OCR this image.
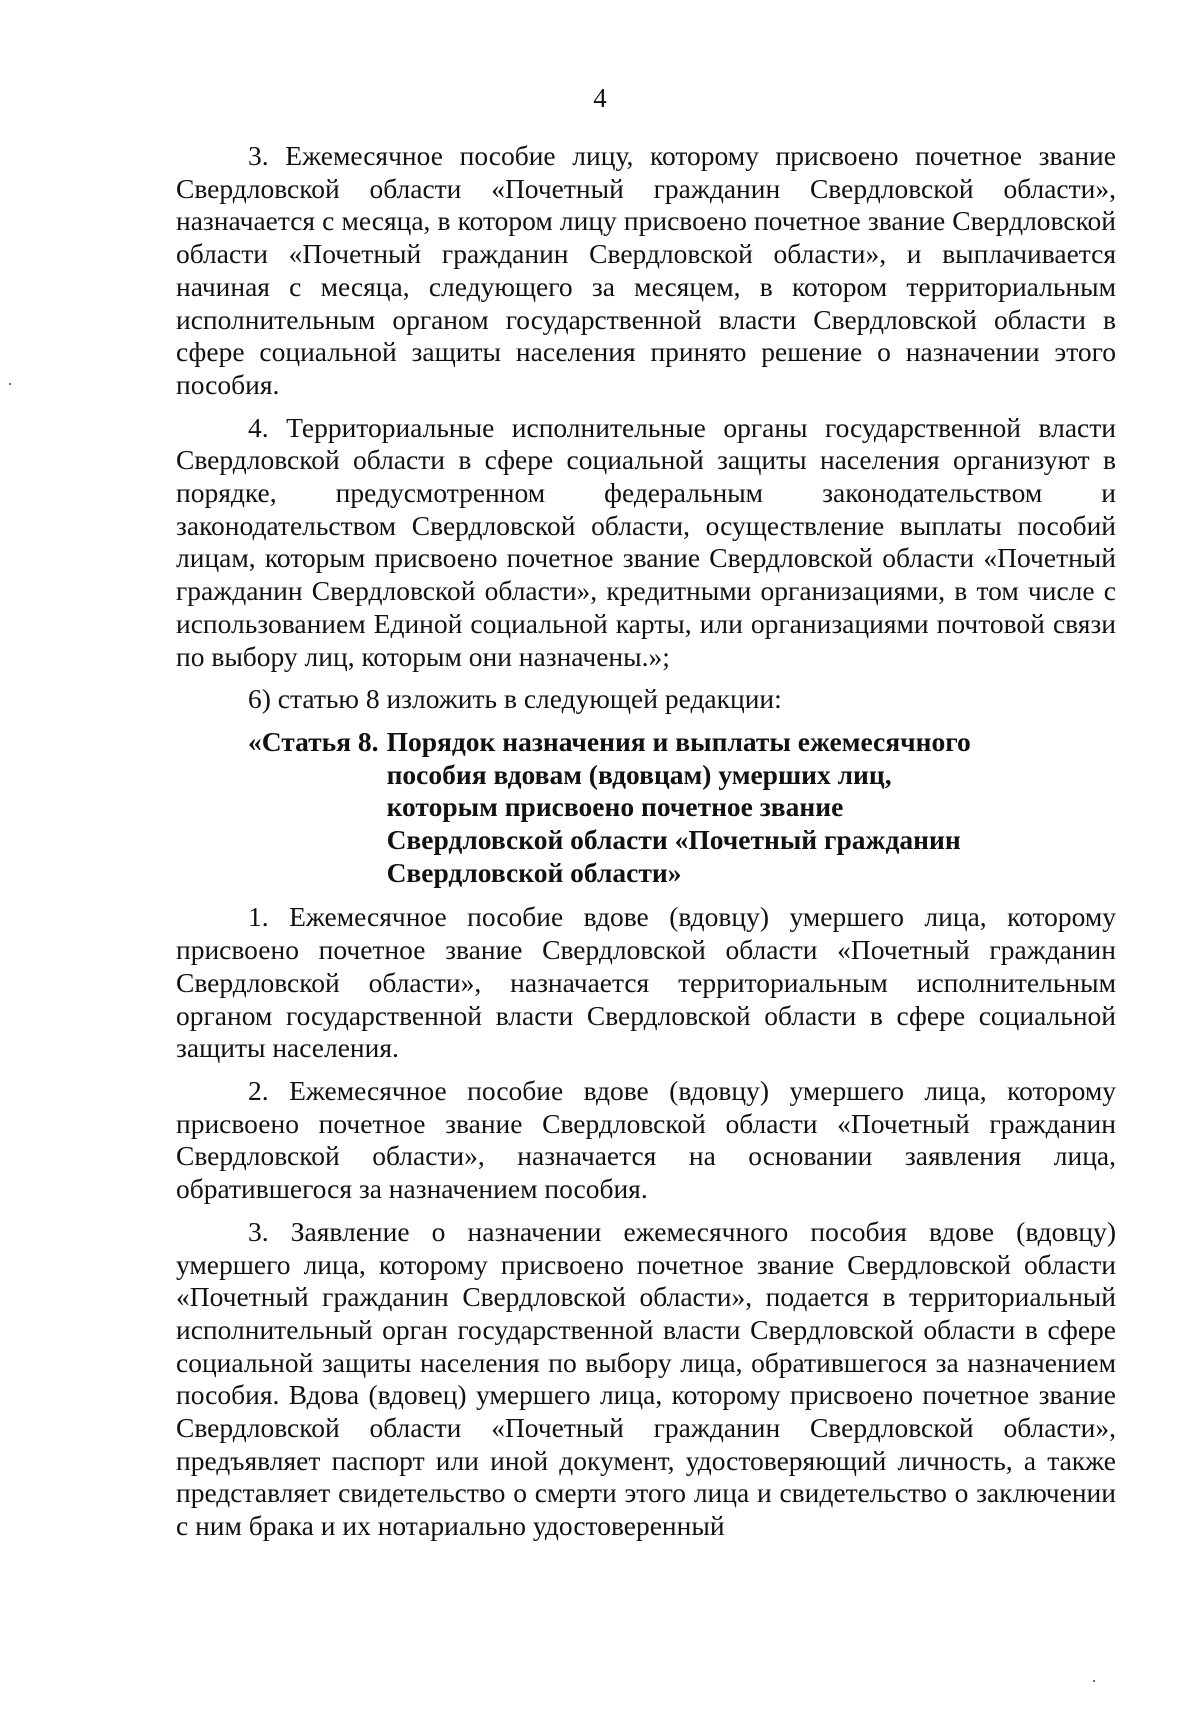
4

3. Ежемесячное пособие лицу, которому присвоено почетное звание Свердловской области «Почетный гражданин Свердловской области», назначается с месяца, в котором лицу присвоено почетное звание Свердловской области «Почетный гражданин Свердловской области», и выплачивается начиная с месяца, следующего за месяцем, в котором территориальным исполнительным органом государственной власти Свердловской области в сфере социальной защиты населения принято решение о назначении этого пособия.

4. Территориальные исполнительные органы государственной власти Свердловской области в сфере социальной защиты населения организуют в порядке, предусмотренном федеральным законодательством и законодательством Свердловской области, осуществление выплаты пособий лицам, которым присвоено почетное звание Свердловской области «Почетный гражданин Свердловской области», кредитными организациями, в том числе с использованием Единой социальной карты, или организациями почтовой связи по выбору лиц, которым они назначены.»;

6) статью 8 изложить в следующей редакции:

«Статья 8. Порядок назначения и выплаты ежемесячного пособия вдовам (вдовцам) умерших лиц, которым присвоено почетное звание Свердловской области «Почетный гражданин Свердловской области»

1. Ежемесячное пособие вдове (вдовцу) умершего лица, которому присвоено почетное звание Свердловской области «Почетный гражданин Свердловской области», назначается территориальным исполнительным органом государственной власти Свердловской области в сфере социальной защиты населения.

2. Ежемесячное пособие вдове (вдовцу) умершего лица, которому присвоено почетное звание Свердловской области «Почетный гражданин Свердловской области», назначается на основании заявления лица, обратившегося за назначением пособия.

3. Заявление о назначении ежемесячного пособия вдове (вдовцу) умершего лица, которому присвоено почетное звание Свердловской области «Почетный гражданин Свердловской области», подается в территориальный исполнительный орган государственной власти Свердловской области в сфере социальной защиты населения по выбору лица, обратившегося за назначением пособия. Вдова (вдовец) умершего лица, которому присвоено почетное звание Свердловской области «Почетный гражданин Свердловской области», предъявляет паспорт или иной документ, удостоверяющий личность, а также представляет свидетельство о смерти этого лица и свидетельство о заключении с ним брака и их нотариально удостоверенный
